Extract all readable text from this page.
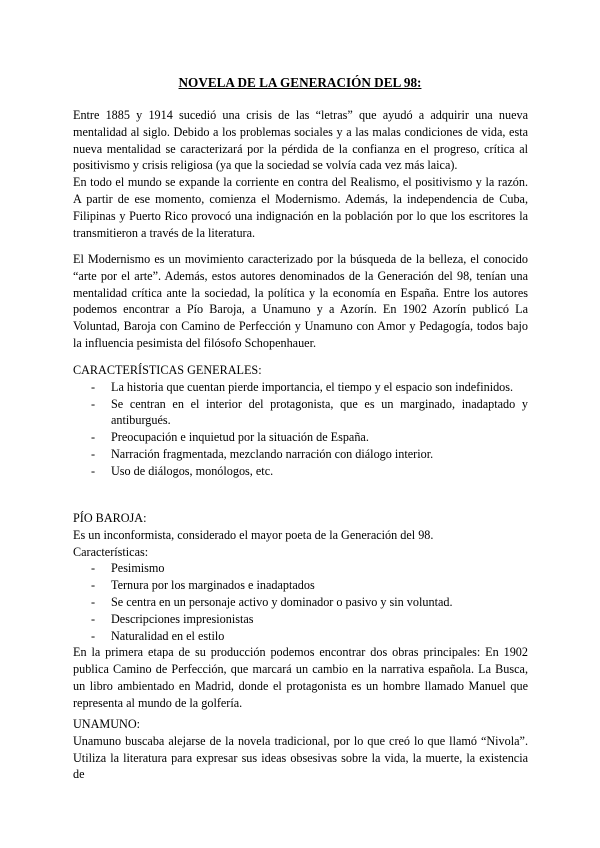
NOVELA DE LA GENERACIÓN DEL 98:

Entre 1885 y 1914 sucedió una crisis de las “letras” que ayudó a adquirir una nueva mentalidad al siglo. Debido a los problemas sociales y a las malas condiciones de vida, esta nueva mentalidad se caracterizará por la pérdida de la confianza en el progreso, crítica al positivismo y crisis religiosa (ya que la sociedad se volvía cada vez más laica).

En todo el mundo se expande la corriente en contra del Realismo, el positivismo y la razón. A partir de ese momento, comienza el Modernismo. Además, la independencia de Cuba, Filipinas y Puerto Rico provocó una indignación en la población por lo que los escritores la transmitieron a través de la literatura.

El Modernismo es un movimiento caracterizado por la búsqueda de la belleza, el conocido “arte por el arte”. Además, estos autores denominados de la Generación del 98, tenían una mentalidad crítica ante la sociedad, la política y la economía en España. Entre los autores podemos encontrar a Pío Baroja, a Unamuno y a Azorín. En 1902 Azorín publicó La Voluntad, Baroja con Camino de Perfección y Unamuno con Amor y Pedagogía, todos bajo la influencia pesimista del filósofo Schopenhauer.

CARACTERÍSTICAS GENERALES:

- La historia que cuentan pierde importancia, el tiempo y el espacio son indefinidos.
- Se centran en el interior del protagonista, que es un marginado, inadaptado y antiburgués.
- Preocupación e inquietud por la situación de España.
- Narración fragmentada, mezclando narración con diálogo interior.
- Uso de diálogos, monólogos, etc.

PÍO BAROJA:

Es un inconformista, considerado el mayor poeta de la Generación del 98.

Características:

- Pesimismo
- Ternura por los marginados e inadaptados
- Se centra en un personaje activo y dominador o pasivo y sin voluntad.
- Descripciones impresionistas
- Naturalidad en el estilo

En la primera etapa de su producción podemos encontrar dos obras principales: En 1902 publica Camino de Perfección, que marcará un cambio en la narrativa española. La Busca, un libro ambientado en Madrid, donde el protagonista es un hombre llamado Manuel que representa al mundo de la golfería.

UNAMUNO:

Unamuno buscaba alejarse de la novela tradicional, por lo que creó lo que llamó “Nivola”. Utiliza la literatura para expresar sus ideas obsesivas sobre la vida, la muerte, la existencia de
